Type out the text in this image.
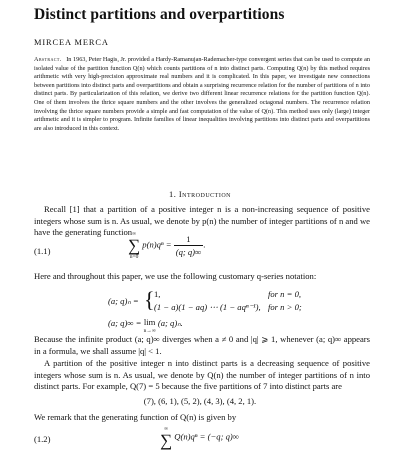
Distinct partitions and overpartitions
MIRCEA MERCA
Abstract. In 1963, Peter Hagis, Jr. provided a Hardy-Ramanujan-Rademacher-type convergent series that can be used to compute an isolated value of the partition function Q(n) which counts partitions of n into distinct parts. Computing Q(n) by this method requires arithmetic with very high-precision approximate real numbers and it is complicated. In this paper, we investigate new connections between partitions into distinct parts and overpartitions and obtain a surprising recurrence relation for the number of partitions of n into distinct parts. By particularization of this relation, we derive two different linear recurrence relations for the partition function Q(n). One of them involves the thrice square numbers and the other involves the generalized octagonal numbers. The recurrence relation involving the thrice square numbers provide a simple and fast computation of the value of Q(n). This method uses only (large) integer arithmetic and it is simpler to program. Infinite families of linear inequalities involving partitions into distinct parts and overpartitions are also introduced in this context.
1. Introduction
Recall [1] that a partition of a positive integer n is a non-increasing sequence of positive integers whose sum is n. As usual, we denote by p(n) the number of integer partitions of n and we have the generating function
(1.1)
∞
∑
n=0
$p(n)q^n = \frac{1}{(q; q)\infty}$ .
Here and throughout this paper, we use the following customary q-series notation:
(a; q)ₙ = { 1,	for n = 0,
(1 − a)(1 − aq) ⋯ (1 − aqⁿ⁻¹), for n > 0;
(a; q)∞ = lim
n→∞
(a; q)ₙ.
Because the infinite product (a; q)∞ diverges when a ≠ 0 and |q| ⩾ 1, whenever (a; q)∞ appears in a formula, we shall assume |q| < 1.
A partition of the positive integer n into distinct parts is a decreasing sequence of positive integers whose sum is n. As usual, we denote by Q(n) the number of integer partitions of n into distinct parts. For example, Q(7) = 5 because the five partitions of 7 into distinct parts are
(7), (6, 1), (5, 2), (4, 3), (4, 2, 1).
We remark that the generating function of Q(n) is given by
(1.2)
∞
∑ Q(n)qⁿ = (−q; q)∞
